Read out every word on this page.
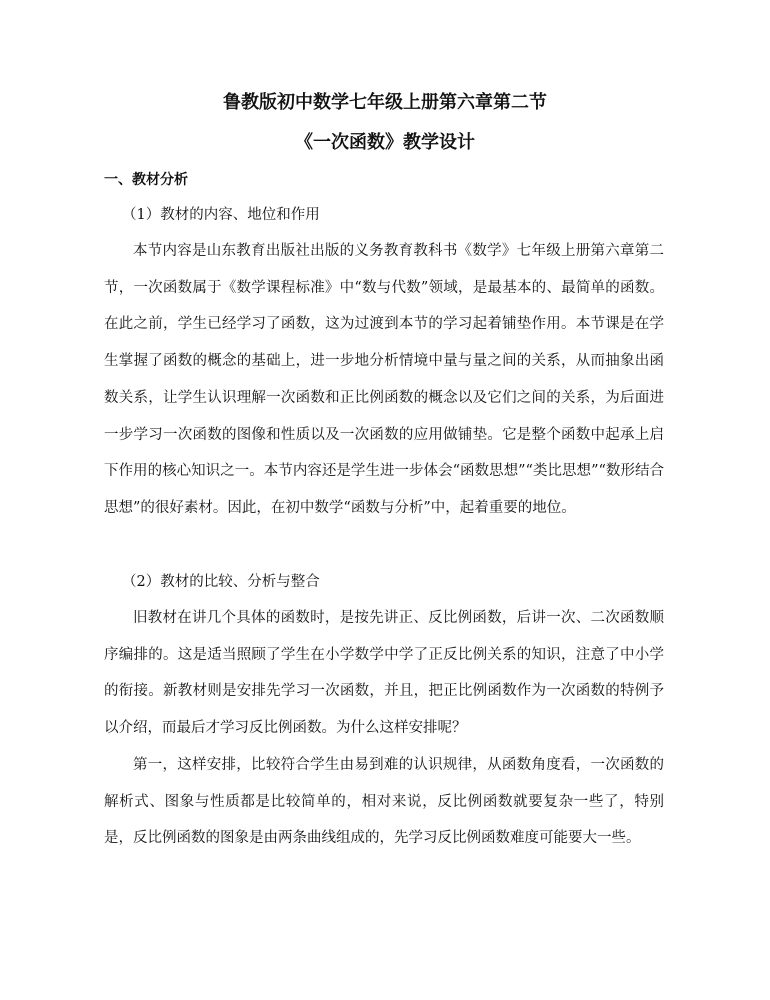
鲁教版初中数学七年级上册第六章第二节
《一次函数》教学设计
一、教材分析
（1）教材的内容、地位和作用

本节内容是山东教育出版社出版的义务教育教科书《数学》七年级上册第六章第二节，一次函数属于《数学课程标准》中“数与代数”领域，是最基本的、最简单的函数。在此之前，学生已经学习了函数，这为过渡到本节的学习起着铺垫作用。本节课是在学生掌握了函数的概念的基础上，进一步地分析情境中量与量之间的关系，从而抽象出函数关系，让学生认识理解一次函数和正比例函数的概念以及它们之间的关系，为后面进一步学习一次函数的图像和性质以及一次函数的应用做铺垫。它是整个函数中起承上启下作用的核心知识之一。本节内容还是学生进一步体会“函数思想”“类比思想”“数形结合思想”的很好素材。因此，在初中数学“函数与分析”中，起着重要的地位。

（2）教材的比较、分析与整合

旧教材在讲几个具体的函数时，是按先讲正、反比例函数，后讲一次、二次函数顺序编排的。这是适当照顾了学生在小学数学中学了正反比例关系的知识，注意了中小学的衔接。新教材则是安排先学习一次函数，并且，把正比例函数作为一次函数的特例予以介绍，而最后才学习反比例函数。为什么这样安排呢？

第一，这样安排，比较符合学生由易到难的认识规律，从函数角度看，一次函数的解析式、图象与性质都是比较简单的，相对来说，反比例函数就要复杂一些了，特别是，反比例函数的图象是由两条曲线组成的，先学习反比例函数难度可能要大一些。
